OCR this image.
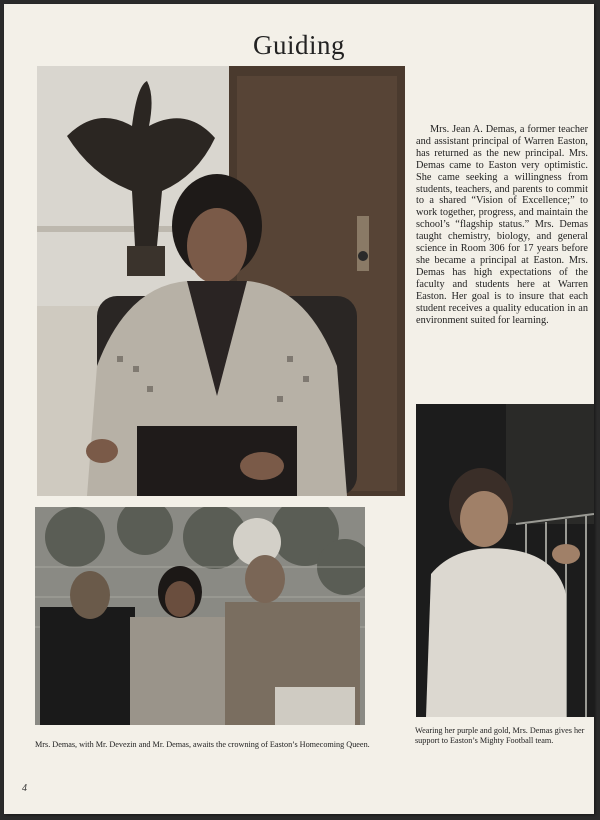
Guiding
Mrs. Jean A. Demas, a former teacher and assistant principal of Warren Easton, has returned as the new principal. Mrs. Demas came to Easton very optimistic. She came seeking a willingness from students, teachers, and parents to commit to a shared “Vision of Excellence;” to work together, progress, and maintain the school’s “flagship status.” Mrs. Demas taught chemistry, biology, and general science in Room 306 for 17 years before she became a principal at Easton. Mrs. Demas has high expectations of the faculty and students here at Warren Easton. Her goal is to insure that each student receives a quality education in an environment suited for learning.
Mrs. Demas, with Mr. Devezin and Mr. Demas, awaits the crowning of Easton’s Homecoming Queen.
Wearing her purple and gold, Mrs. Demas gives her support to Easton’s Mighty Football team.
4
